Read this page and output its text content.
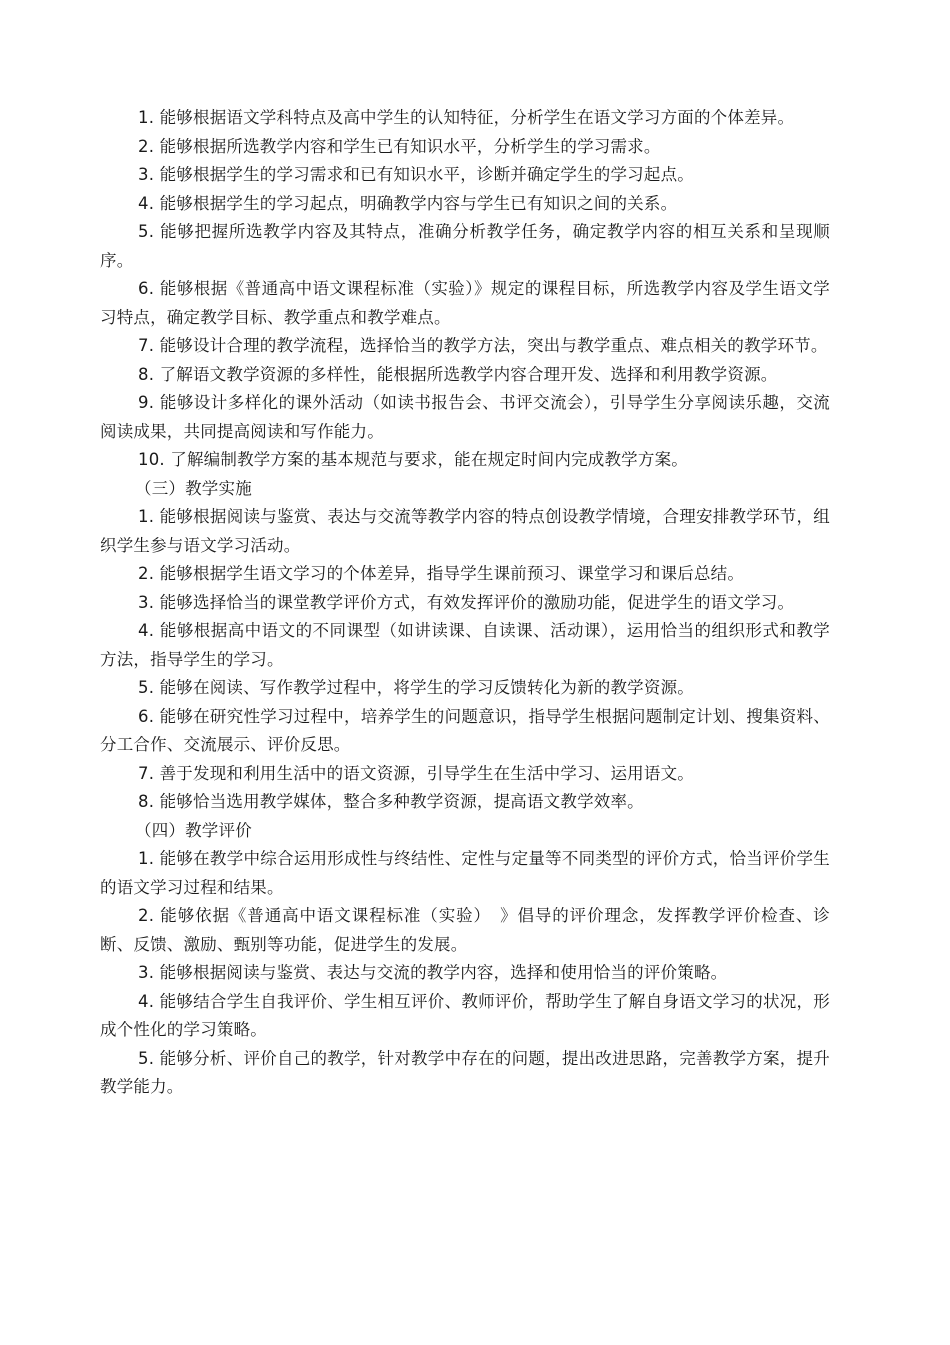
1. 能够根据语文学科特点及高中学生的认知特征，分析学生在语文学习方面的个体差异。

2. 能够根据所选教学内容和学生已有知识水平，分析学生的学习需求。

3. 能够根据学生的学习需求和已有知识水平，诊断并确定学生的学习起点。

4. 能够根据学生的学习起点，明确教学内容与学生已有知识之间的关系。

5. 能够把握所选教学内容及其特点，准确分析教学任务，确定教学内容的相互关系和呈现顺序。

6. 能够根据《普通高中语文课程标准（实验）》规定的课程目标，所选教学内容及学生语文学习特点，确定教学目标、教学重点和教学难点。

7. 能够设计合理的教学流程，选择恰当的教学方法，突出与教学重点、难点相关的教学环节。

8. 了解语文教学资源的多样性，能根据所选教学内容合理开发、选择和利用教学资源。

9. 能够设计多样化的课外活动（如读书报告会、书评交流会），引导学生分享阅读乐趣，交流阅读成果，共同提高阅读和写作能力。

10. 了解编制教学方案的基本规范与要求，能在规定时间内完成教学方案。

（三）教学实施

1. 能够根据阅读与鉴赏、表达与交流等教学内容的特点创设教学情境，合理安排教学环节，组织学生参与语文学习活动。

2. 能够根据学生语文学习的个体差异，指导学生课前预习、课堂学习和课后总结。

3. 能够选择恰当的课堂教学评价方式，有效发挥评价的激励功能，促进学生的语文学习。

4. 能够根据高中语文的不同课型（如讲读课、自读课、活动课），运用恰当的组织形式和教学方法，指导学生的学习。

5. 能够在阅读、写作教学过程中，将学生的学习反馈转化为新的教学资源。

6. 能够在研究性学习过程中，培养学生的问题意识，指导学生根据问题制定计划、搜集资料、分工合作、交流展示、评价反思。

7. 善于发现和利用生活中的语文资源，引导学生在生活中学习、运用语文。

8. 能够恰当选用教学媒体，整合多种教学资源，提高语文教学效率。

（四）教学评价

1. 能够在教学中综合运用形成性与终结性、定性与定量等不同类型的评价方式，恰当评价学生的语文学习过程和结果。

2. 能够依据《普通高中语文课程标准（实验）　》倡导的评价理念，发挥教学评价检查、诊断、反馈、激励、甄别等功能，促进学生的发展。

3. 能够根据阅读与鉴赏、表达与交流的教学内容，选择和使用恰当的评价策略。

4. 能够结合学生自我评价、学生相互评价、教师评价，帮助学生了解自身语文学习的状况，形成个性化的学习策略。

5. 能够分析、评价自己的教学，针对教学中存在的问题，提出改进思路，完善教学方案，提升教学能力。
